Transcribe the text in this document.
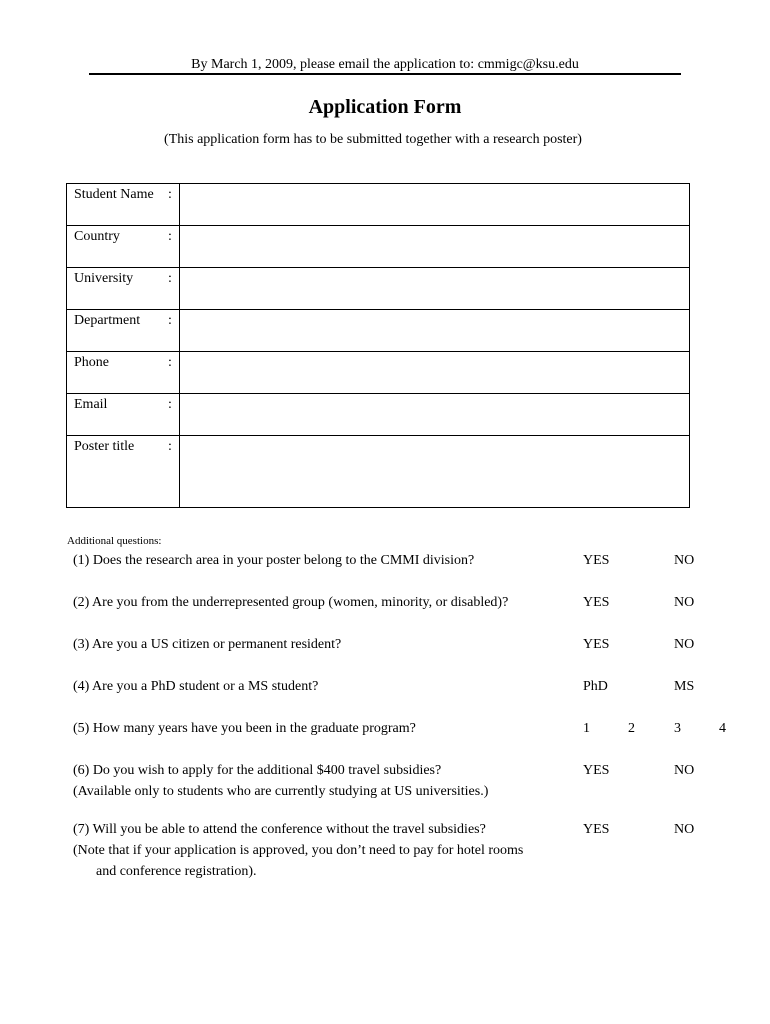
By March 1, 2009, please email the application to: cmmigc@ksu.edu
Application Form
(This application form has to be submitted together with a research poster)
Student Name :

Country :

University :

Department :

Phone :

Email :

Poster title :

Additional questions:
(1) Does the research area in your poster belong to the CMMI division?	YES	NO
(2) Are you from the underrepresented group (women, minority, or disabled)?	YES	NO
(3) Are you a US citizen or permanent resident?	YES	NO
(4) Are you a PhD student or a MS student?	PhD	MS
(5) How many years have you been in the graduate program?	1	2	3	4
(6) Do you wish to apply for the additional $400 travel subsidies?
(Available only to students who are currently studying at US universities.)
YES	NO
(7) Will you be able to attend the conference without the travel subsidies?
(Note that if your application is approved, you don’t need to pay for hotel rooms
and conference registration).
YES	NO
